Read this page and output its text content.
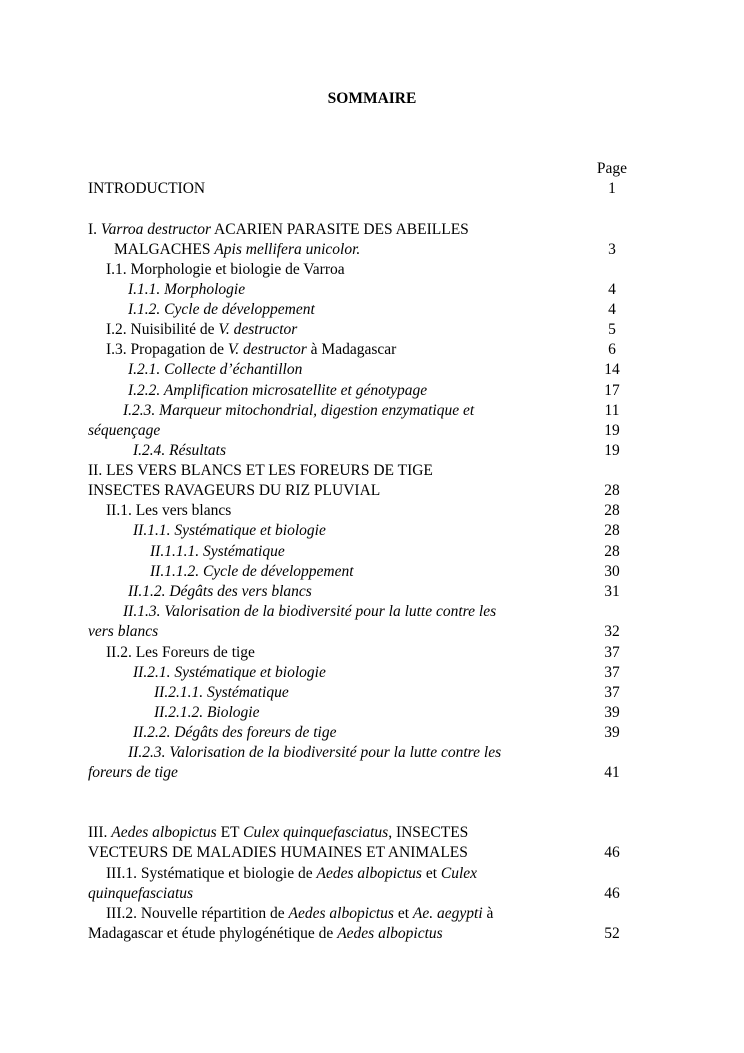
SOMMAIRE
Page
INTRODUCTION	1
I. Varroa destructor ACARIEN PARASITE DES ABEILLES
MALGACHES Apis mellifera unicolor.	3
I.1. Morphologie et biologie de Varroa
I.1.1. Morphologie	4
I.1.2. Cycle de développement	4
I.2. Nuisibilité de V. destructor	5
I.3. Propagation de V. destructor à Madagascar	6
I.2.1. Collecte d’échantillon	14
I.2.2. Amplification microsatellite et génotypage	17
I.2.3. Marqueur mitochondrial, digestion enzymatique et	11
séquençage	19
I.2.4. Résultats	19
II. LES VERS BLANCS ET LES FOREURS DE TIGE
INSECTES RAVAGEURS DU RIZ PLUVIAL	28
II.1. Les vers blancs	28
II.1.1. Systématique et biologie	28
II.1.1.1. Systématique	28
II.1.1.2. Cycle de développement	30
II.1.2. Dégâts des vers blancs	31
II.1.3. Valorisation de la biodiversité pour la lutte contre les
vers blancs	32
II.2. Les Foreurs de tige	37
II.2.1. Systématique et biologie	37
II.2.1.1. Systématique	37
II.2.1.2. Biologie	39
II.2.2. Dégâts des foreurs de tige	39
II.2.3. Valorisation de la biodiversité pour la lutte contre les
foreurs de tige	41
III. Aedes albopictus ET Culex quinquefasciatus, INSECTES
VECTEURS DE MALADIES HUMAINES ET ANIMALES	46
III.1. Systématique et biologie de Aedes albopictus et Culex
quinquefasciatus	46
III.2. Nouvelle répartition de Aedes albopictus et Ae. aegypti à
Madagascar et étude phylogénétique de Aedes albopictus	52
